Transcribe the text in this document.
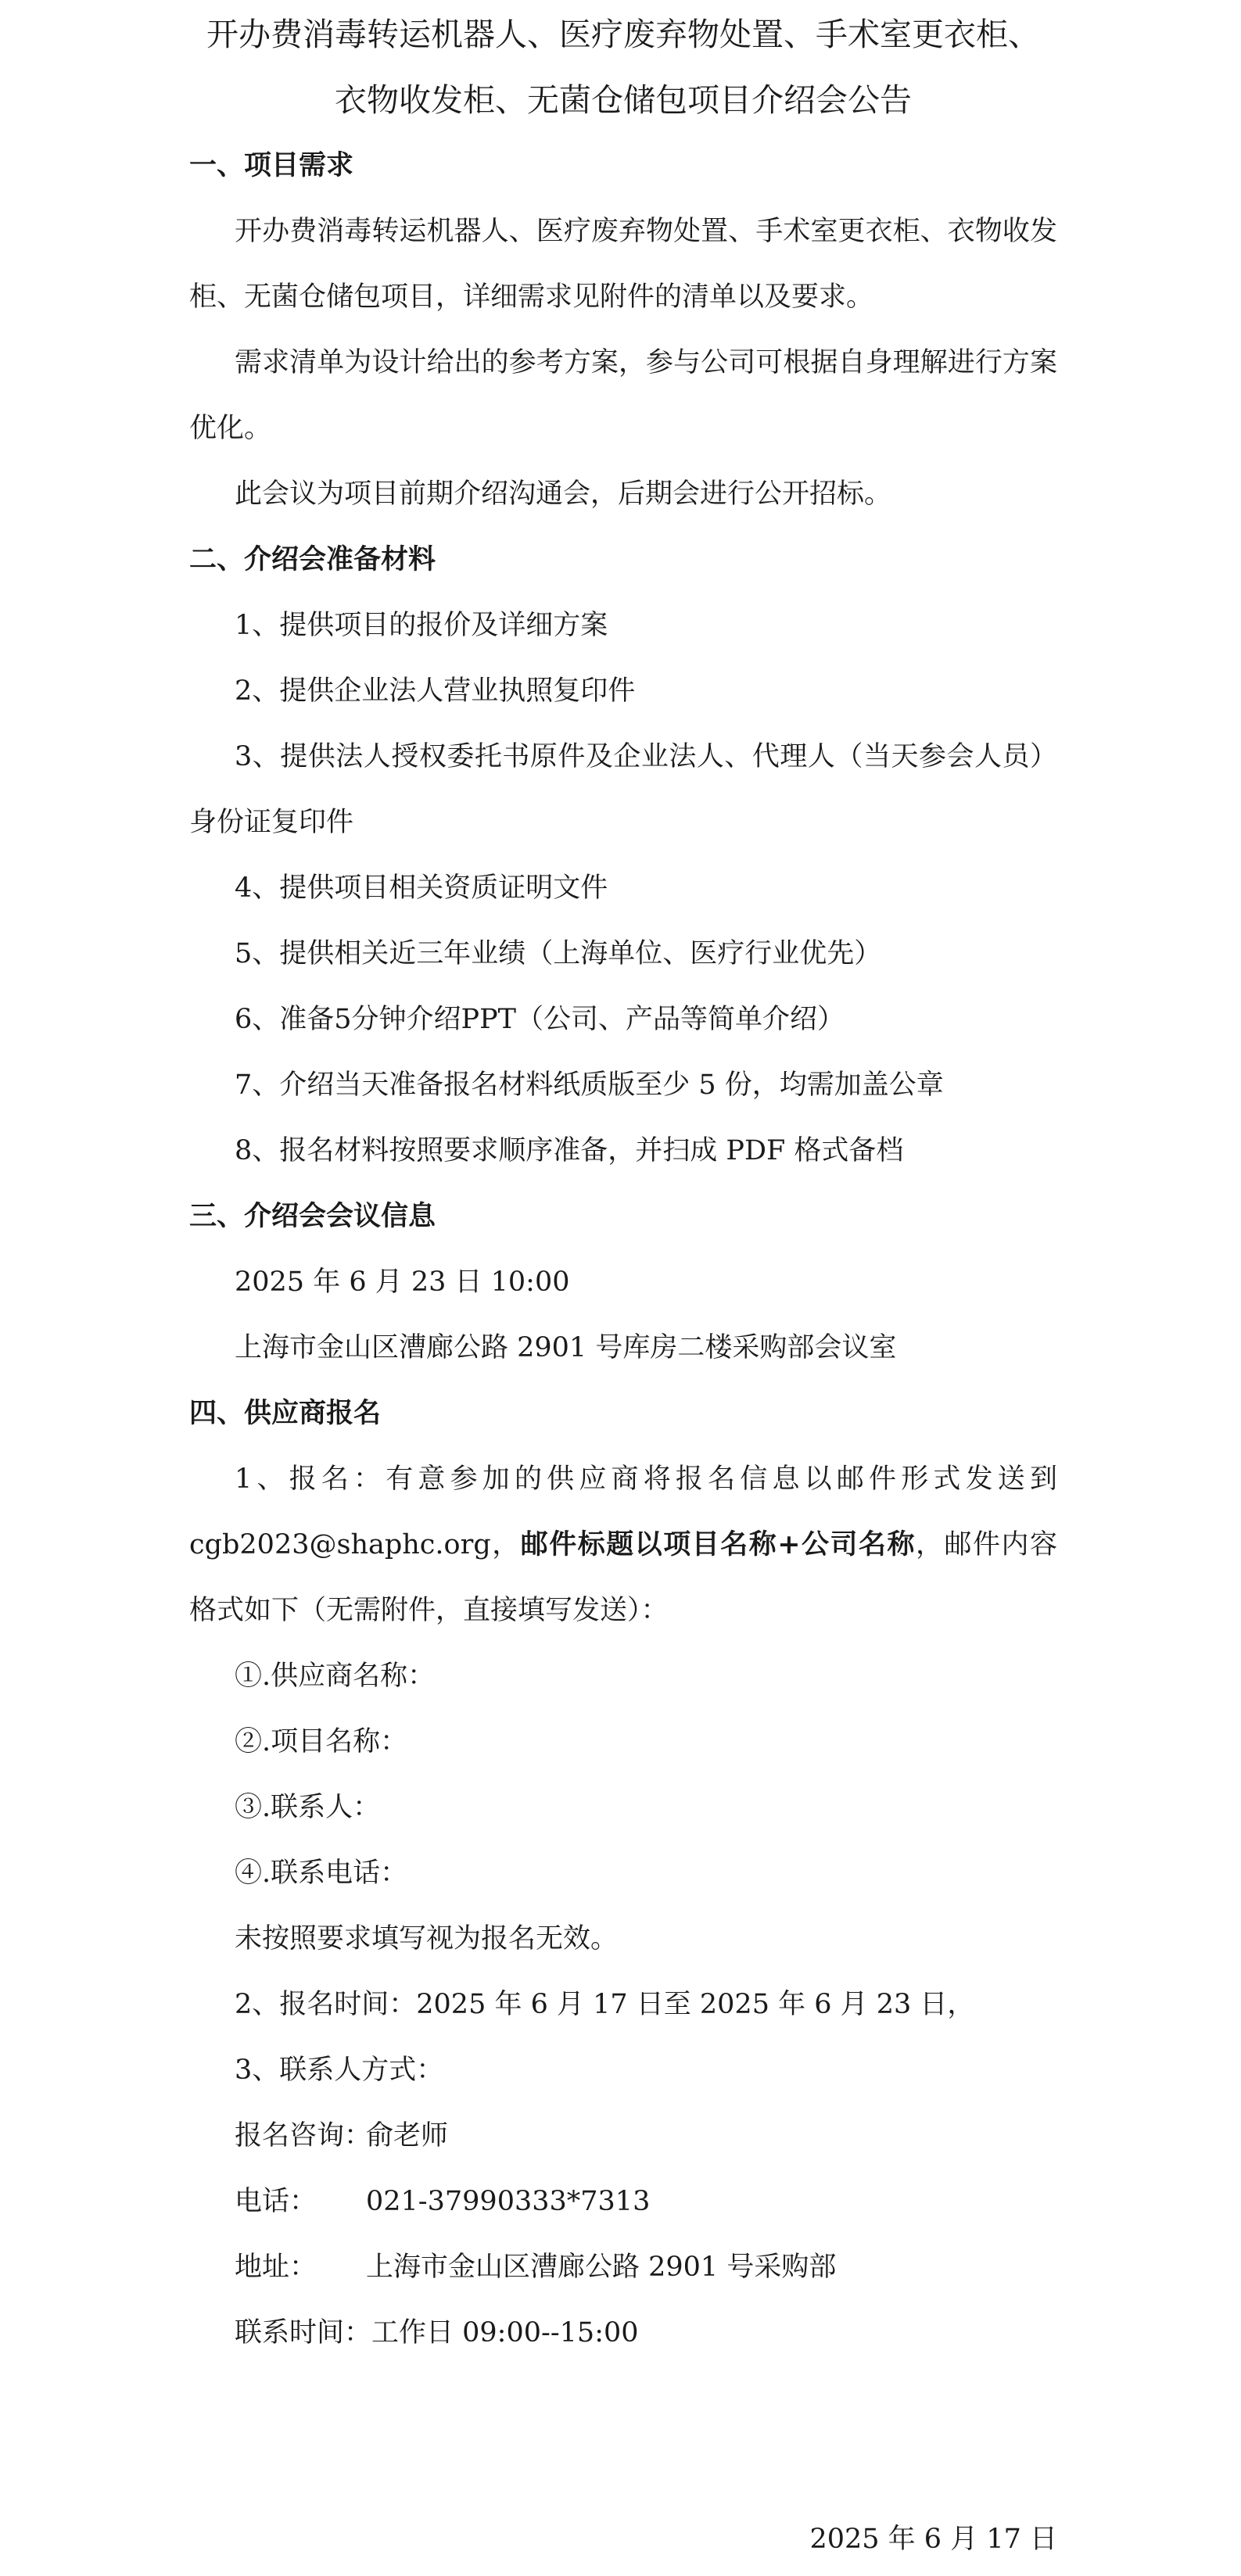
开办费消毒转运机器人、医疗废弃物处置、手术室更衣柜、
衣物收发柜、无菌仓储包项目介绍会公告

一、项目需求

开办费消毒转运机器人、医疗废弃物处置、手术室更衣柜、衣物收发柜、无菌仓储包项目，详细需求见附件的清单以及要求。

需求清单为设计给出的参考方案，参与公司可根据自身理解进行方案优化。

此会议为项目前期介绍沟通会，后期会进行公开招标。

二、介绍会准备材料

1、提供项目的报价及详细方案

2、提供企业法人营业执照复印件

3、提供法人授权委托书原件及企业法人、代理人（当天参会人员）身份证复印件

4、提供项目相关资质证明文件

5、提供相关近三年业绩（上海单位、医疗行业优先）

6、准备5分钟介绍PPT（公司、产品等简单介绍）

7、介绍当天准备报名材料纸质版至少 5 份，均需加盖公章

8、报名材料按照要求顺序准备，并扫成 PDF 格式备档

三、介绍会会议信息

2025 年 6 月 23 日 10:00

上海市金山区漕廊公路 2901 号库房二楼采购部会议室

四、供应商报名

1、报名：有意参加的供应商将报名信息以邮件形式发送到 cgb2023@shaphc.org，邮件标题以项目名称+公司名称，邮件内容格式如下（无需附件，直接填写发送）：

①.供应商名称：

②.项目名称：

③.联系人：

④.联系电话：

未按照要求填写视为报名无效。

2、报名时间：2025 年 6 月 17 日至 2025 年 6 月 23 日，

3、联系人方式：

报名咨询：俞老师

电话： 021-37990333*7313

地址： 上海市金山区漕廊公路 2901 号采购部

联系时间：工作日 09:00--15:00

2025 年 6 月 17 日
